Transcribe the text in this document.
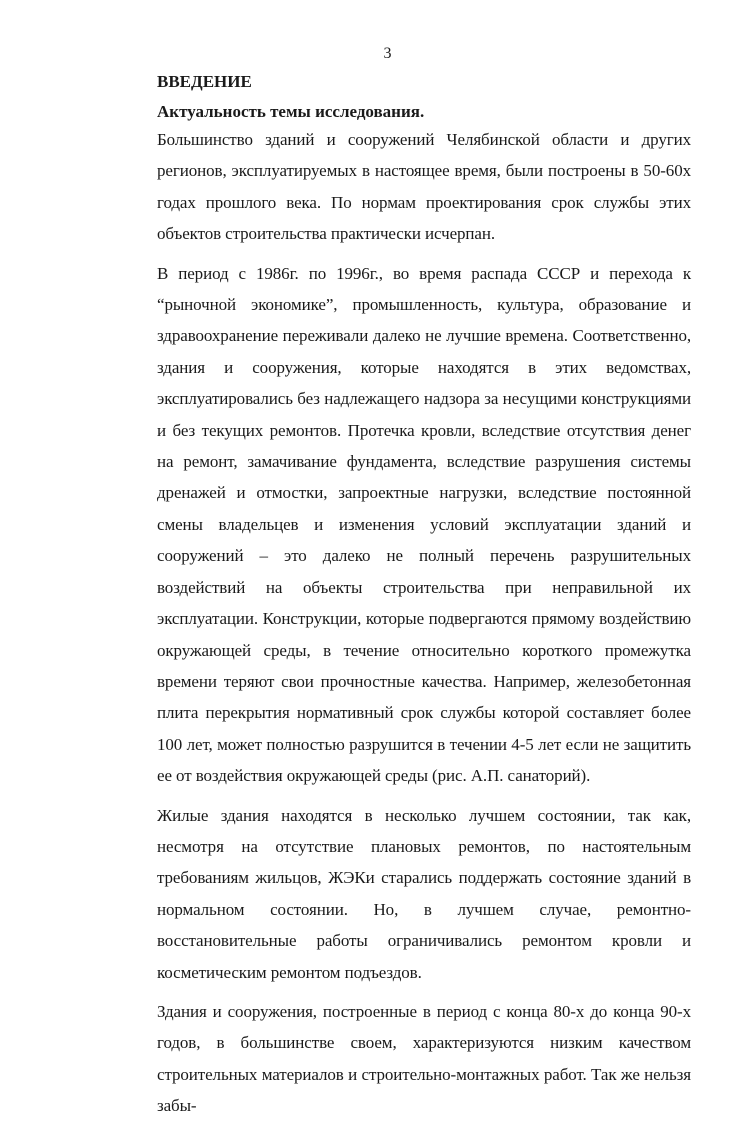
3
ВВЕДЕНИЕ
Актуальность темы исследования.

Большинство зданий и сооружений Челябинской области и других регионов, эксплуатируемых в настоящее время, были построены в 50-60х годах прошлого века. По нормам проектирования срок службы этих объектов строительства практически исчерпан.

В период с 1986г. по 1996г., во время распада СССР и перехода к “рыночной экономике”, промышленность, культура, образование и здравоохранение переживали далеко не лучшие времена. Соответственно, здания и сооружения, которые находятся в этих ведомствах, эксплуатировались без надлежащего надзора за несущими конструкциями и без текущих ремонтов. Протечка кровли, вследствие отсутствия денег на ремонт, замачивание фундамента, вследствие разрушения системы дренажей и отмостки, запроектные нагрузки, вследствие постоянной смены владельцев и изменения условий эксплуатации зданий и сооружений – это далеко не полный перечень разрушительных воздействий на объекты строительства при неправильной их эксплуатации. Конструкции, которые подвергаются прямому воздействию окружающей среды, в течение относительно короткого промежутка времени теряют свои прочностные качества. Например, железобетонная плита перекрытия нормативный срок службы которой составляет более 100 лет, может полностью разрушится в течении 4-5 лет если не защитить ее от воздействия окружающей среды (рис. А.П. санаторий).

Жилые здания находятся в несколько лучшем состоянии, так как, несмотря на отсутствие плановых ремонтов, по настоятельным требованиям жильцов, ЖЭКи старались поддержать состояние зданий в нормальном состоянии. Но, в лучшем случае, ремонтно-восстановительные работы ограничивались ремонтом кровли и косметическим ремонтом подъездов.

Здания и сооружения, построенные в период с конца 80-х до конца 90-х годов, в большинстве своем, характеризуются низким качеством строительных материалов и строительно-монтажных работ. Так же нельзя забы-
